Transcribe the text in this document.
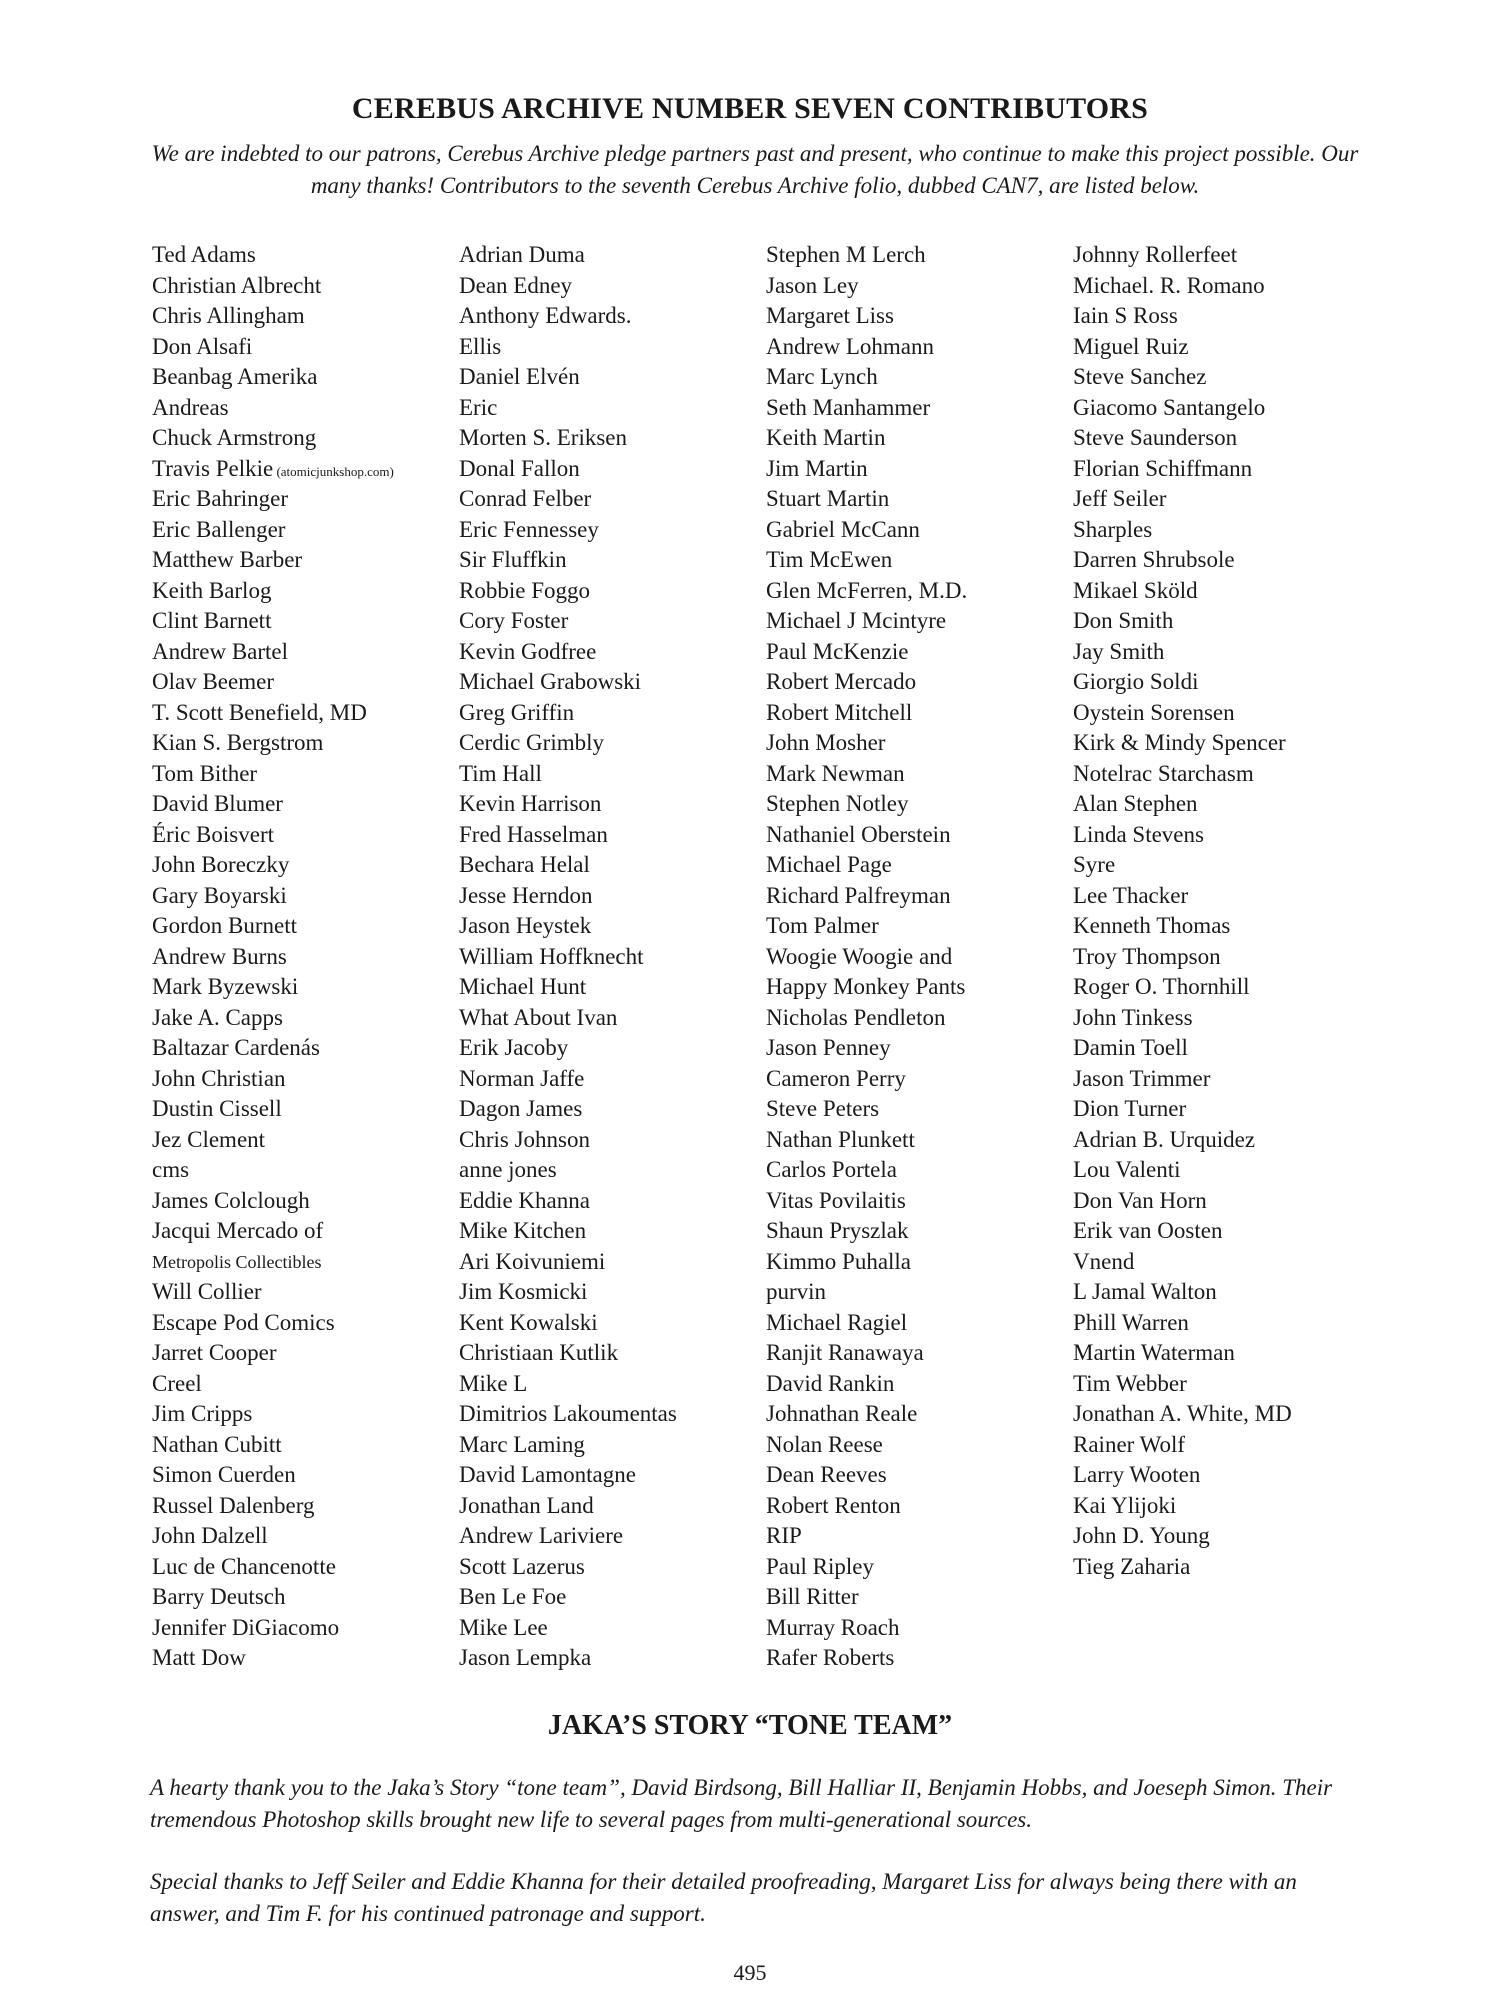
CEREBUS ARCHIVE NUMBER SEVEN CONTRIBUTORS

We are indebted to our patrons, Cerebus Archive pledge partners past and present, who continue to make this project possible. Our many thanks! Contributors to the seventh Cerebus Archive folio, dubbed CAN7, are listed below.

Ted Adams
Christian Albrecht
Chris Allingham
Don Alsafi
Beanbag Amerika
Andreas
Chuck Armstrong
Travis Pelkie (atomicjunkshop.com)
Eric Bahringer
Eric Ballenger
Matthew Barber
Keith Barlog
Clint Barnett
Andrew Bartel
Olav Beemer
T. Scott Benefield, MD
Kian S. Bergstrom
Tom Bither
David Blumer
Éric Boisvert
John Boreczky
Gary Boyarski
Gordon Burnett
Andrew Burns
Mark Byzewski
Jake A. Capps
Baltazar Cardenás
John Christian
Dustin Cissell
Jez Clement
cms
James Colclough
Jacqui Mercado of
Metropolis Collectibles
Will Collier
Escape Pod Comics
Jarret Cooper
Creel
Jim Cripps
Nathan Cubitt
Simon Cuerden
Russel Dalenberg
John Dalzell
Luc de Chancenotte
Barry Deutsch
Jennifer DiGiacomo
Matt Dow
Adrian Duma
Dean Edney
Anthony Edwards.
Ellis
Daniel Elvén
Eric
Morten S. Eriksen
Donal Fallon
Conrad Felber
Eric Fennessey
Sir Fluffkin
Robbie Foggo
Cory Foster
Kevin Godfree
Michael Grabowski
Greg Griffin
Cerdic Grimbly
Tim Hall
Kevin Harrison
Fred Hasselman
Bechara Helal
Jesse Herndon
Jason Heystek
William Hoffknecht
Michael Hunt
What About Ivan
Erik Jacoby
Norman Jaffe
Dagon James
Chris Johnson
anne jones
Eddie Khanna
Mike Kitchen
Ari Koivuniemi
Jim Kosmicki
Kent Kowalski
Christiaan Kutlik
Mike L
Dimitrios Lakoumentas
Marc Laming
David Lamontagne
Jonathan Land
Andrew Lariviere
Scott Lazerus
Ben Le Foe
Mike Lee
Jason Lempka
Stephen M Lerch
Jason Ley
Margaret Liss
Andrew Lohmann
Marc Lynch
Seth Manhammer
Keith Martin
Jim Martin
Stuart Martin
Gabriel McCann
Tim McEwen
Glen McFerren, M.D.
Michael J Mcintyre
Paul McKenzie
Robert Mercado
Robert Mitchell
John Mosher
Mark Newman
Stephen Notley
Nathaniel Oberstein
Michael Page
Richard Palfreyman
Tom Palmer
Woogie Woogie and
Happy Monkey Pants
Nicholas Pendleton
Jason Penney
Cameron Perry
Steve Peters
Nathan Plunkett
Carlos Portela
Vitas Povilaitis
Shaun Pryszlak
Kimmo Puhalla
purvin
Michael Ragiel
Ranjit Ranawaya
David Rankin
Johnathan Reale
Nolan Reese
Dean Reeves
Robert Renton
RIP
Paul Ripley
Bill Ritter
Murray Roach
Rafer Roberts
Johnny Rollerfeet
Michael. R. Romano
Iain S Ross
Miguel Ruiz
Steve Sanchez
Giacomo Santangelo
Steve Saunderson
Florian Schiffmann
Jeff Seiler
Sharples
Darren Shrubsole
Mikael Sköld
Don Smith
Jay Smith
Giorgio Soldi
Oystein Sorensen
Kirk & Mindy Spencer
Notelrac Starchasm
Alan Stephen
Linda Stevens
Syre
Lee Thacker
Kenneth Thomas
Troy Thompson
Roger O. Thornhill
John Tinkess
Damin Toell
Jason Trimmer
Dion Turner
Adrian B. Urquidez
Lou Valenti
Don Van Horn
Erik van Oosten
Vnend
L Jamal Walton
Phill Warren
Martin Waterman
Tim Webber
Jonathan A. White, MD
Rainer Wolf
Larry Wooten
Kai Ylijoki
John D. Young
Tieg Zaharia
JAKA’S STORY “TONE TEAM”

A hearty thank you to the Jaka’s Story “tone team”, David Birdsong, Bill Halliar II, Benjamin Hobbs, and Joeseph Simon. Their tremendous Photoshop skills brought new life to several pages from multi-generational sources.

Special thanks to Jeff Seiler and Eddie Khanna for their detailed proofreading, Margaret Liss for always being there with an answer, and Tim F. for his continued patronage and support.

495
